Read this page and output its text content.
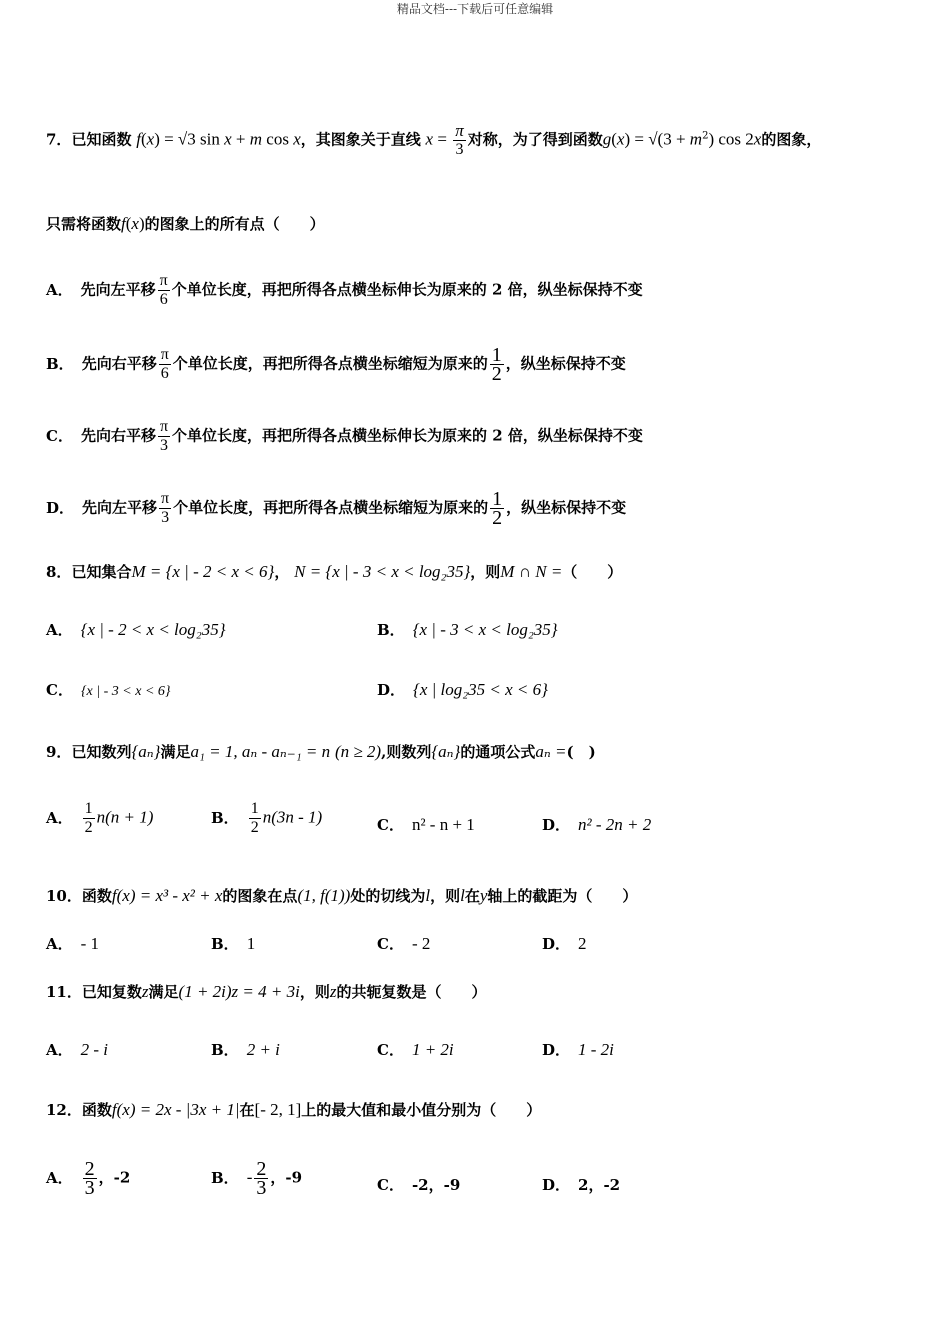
精品文档---下载后可任意编辑
7．已知函数 f(x) = √3 sin x + m cos x，其图象关于直线 $x = \frac{\pi}{3}$ 对称，为了得到函数$g(x) = √(3 + m^2)$ cos 2x的图象，
只需将函数f(x)的图象上的所有点（　　）
A． 先向左平移 $\frac{\pi}{6}$ 个单位长度，再把所得各点横坐标伸长为原来的 2 倍，纵坐标保持不变
B． 先向右平移 $\frac{\pi}{6}$ 个单位长度，再把所得各点横坐标缩短为原来的 $\frac{1}{2}$ ，纵坐标保持不变
C． 先向右平移 $\frac{\pi}{3}$ 个单位长度，再把所得各点横坐标伸长为原来的 2 倍，纵坐标保持不变
D． 先向左平移 $\frac{\pi}{3}$ 个单位长度，再把所得各点横坐标缩短为原来的 $\frac{1}{2}$ ，纵坐标保持不变
8．已知集合M = {x | - 2 < x < 6}， N = {x | - 3 < x < log₂35}，则M ∩ N =（　　）
A． {x | - 2 < x < log₂35}	B． {x | - 3 < x < log₂35}
C． {x | - 3 < x < 6}	D． {x | log₂35 < x < 6}
9．已知数列{aₙ}满足a₁ = 1, aₙ - aₙ₋₁ = n (n ≥ 2),则数列{aₙ}的通项公式aₙ =(　)
A． $\frac{1}{2} n(n + 1)$	B． $\frac{1}{2} n(3n - 1)$	C． n² - n + 1	D． n² - 2n + 2
10．函数f(x) = x³ - x² + x的图象在点(1, f(1))处的切线为l，则l在y轴上的截距为（　　）
A． - 1	B． 1	C． - 2	D． 2
11．已知复数z满足(1 + 2i)z = 4 + 3i，则z的共轭复数是（　　）
A． 2 - i	B． 2 + i	C． 1 + 2i	D． 1 - 2i
12．函数f(x) = 2x - |3x + 1|在[- 2, 1]上的最大值和最小值分别为（　　）
A． $\frac{2}{3}$ ，-2	B． - $\frac{2}{3}$ ，-9	C． -2，-9	D． 2，-2
